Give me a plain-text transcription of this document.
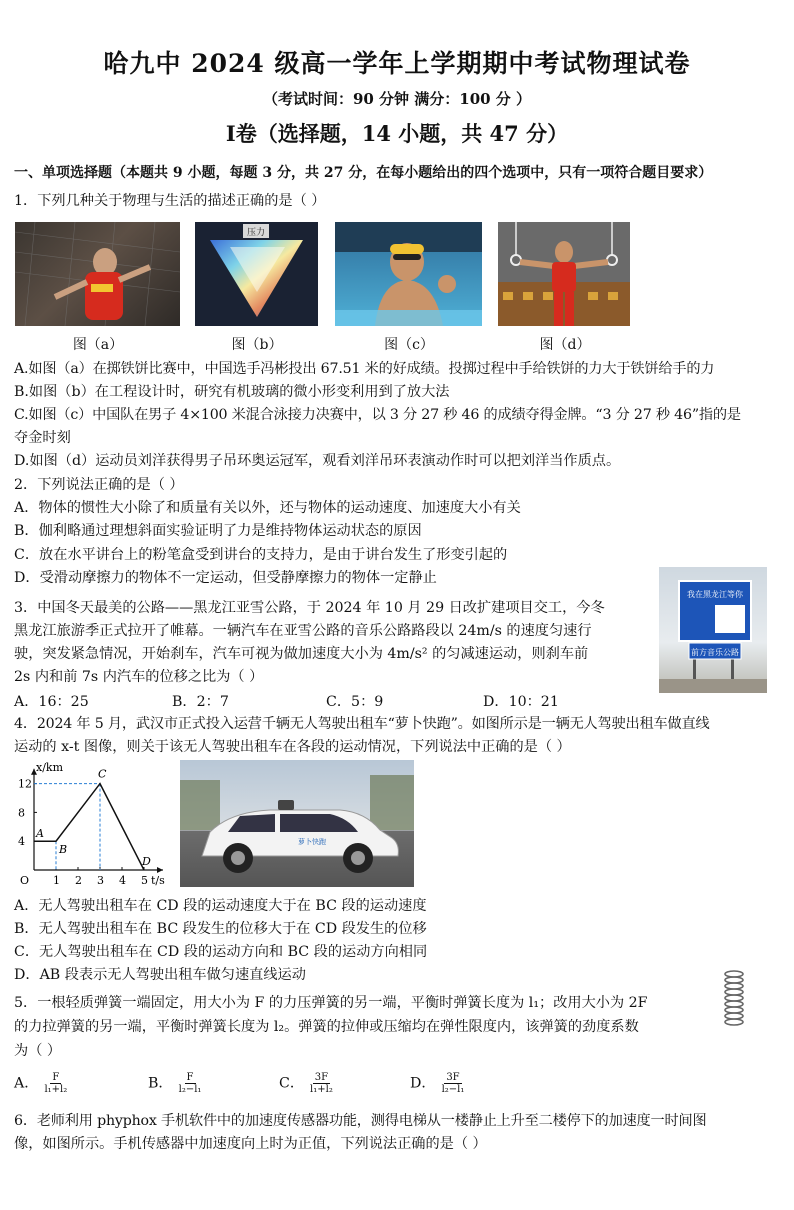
哈九中 2024 级高一学年上学期期中考试物理试卷
（考试时间：90 分钟 满分：100 分 ）
I卷（选择题，14 小题，共 47 分）
一、单项选择题（本题共 9 小题，每题 3 分，共 27 分，在每小题给出的四个选项中，只有一项符合题目要求）
1．下列几种关于物理与生活的描述正确的是（ ）
压力
图（a）	图（b）	图（c）	图（d）
A.如图（a）在掷铁饼比赛中，中国选手冯彬投出 67.51 米的好成绩。投掷过程中手给铁饼的力大于铁饼给手的力
B.如图（b）在工程设计时，研究有机玻璃的微小形变利用到了放大法
C.如图（c）中国队在男子 4×100 米混合泳接力决赛中，以 3 分 27 秒 46 的成绩夺得金牌。“3 分 27 秒 46”指的是
夺金时刻
D.如图（d）运动员刘洋获得男子吊环奥运冠军，观看刘洋吊环表演动作时可以把刘洋当作质点。
2．下列说法正确的是（ ）
A．物体的惯性大小除了和质量有关以外，还与物体的运动速度、加速度大小有关
B．伽利略通过理想斜面实验证明了力是维持物体运动状态的原因
C．放在水平讲台上的粉笔盒受到讲台的支持力，是由于讲台发生了形变引起的
D．受滑动摩擦力的物体不一定运动，但受静摩擦力的物体一定静止
我在黑龙江等你
前方音乐公路
3．中国冬天最美的公路——黑龙江亚雪公路，于 2024 年 10 月 29 日改扩建项目交工，今冬
黑龙江旅游季正式拉开了帷幕。一辆汽车在亚雪公路的音乐公路路段以 24m/s 的速度匀速行
驶，突发紧急情况，开始刹车，汽车可视为做加速度大小为 4m/s² 的匀减速运动，则刹车前
2s 内和前 7s 内汽车的位移之比为（ ）
A．16：25	B．2：7	C．5：9	D．10：21
4．2024 年 5 月，武汉市正式投入运营千辆无人驾驶出租车“萝卜快跑”。如图所示是一辆无人驾驶出租车做直线
运动的 x-t 图像，则关于该无人驾驶出租车在各段的运动情况，下列说法中正确的是（ ）
x/km
t/s
O 1 2 3 4 5
4
8
12
A
B
C
D
萝卜快跑
A．无人驾驶出租车在 CD 段的运动速度大于在 BC 段的运动速度
B．无人驾驶出租车在 BC 段发生的位移大于在 CD 段发生的位移
C．无人驾驶出租车在 CD 段的运动方向和 BC 段的运动方向相同
D．AB 段表示无人驾驶出租车做匀速直线运动
5．一根轻质弹簧一端固定，用大小为 F 的力压弹簧的另一端，平衡时弹簧长度为 l₁；改用大小为 2F
的力拉弹簧的另一端，平衡时弹簧长度为 l₂。弹簧的拉伸或压缩均在弹性限度内，该弹簧的劲度系数
为（ ）
A． $\frac{F}{\text{l₁+l₂}}$	B． $\frac{F}{\text{l₂−l₁}}$	C． $\frac{3F}{\text{l₁+l₂}}$	D． $\frac{3F}{\text{l₂−l₁}}$
6．老师利用 phyphox 手机软件中的加速度传感器功能，测得电梯从一楼静止上升至二楼停下的加速度一时间图
像，如图所示。手机传感器中加速度向上时为正值，下列说法正确的是（ ）
